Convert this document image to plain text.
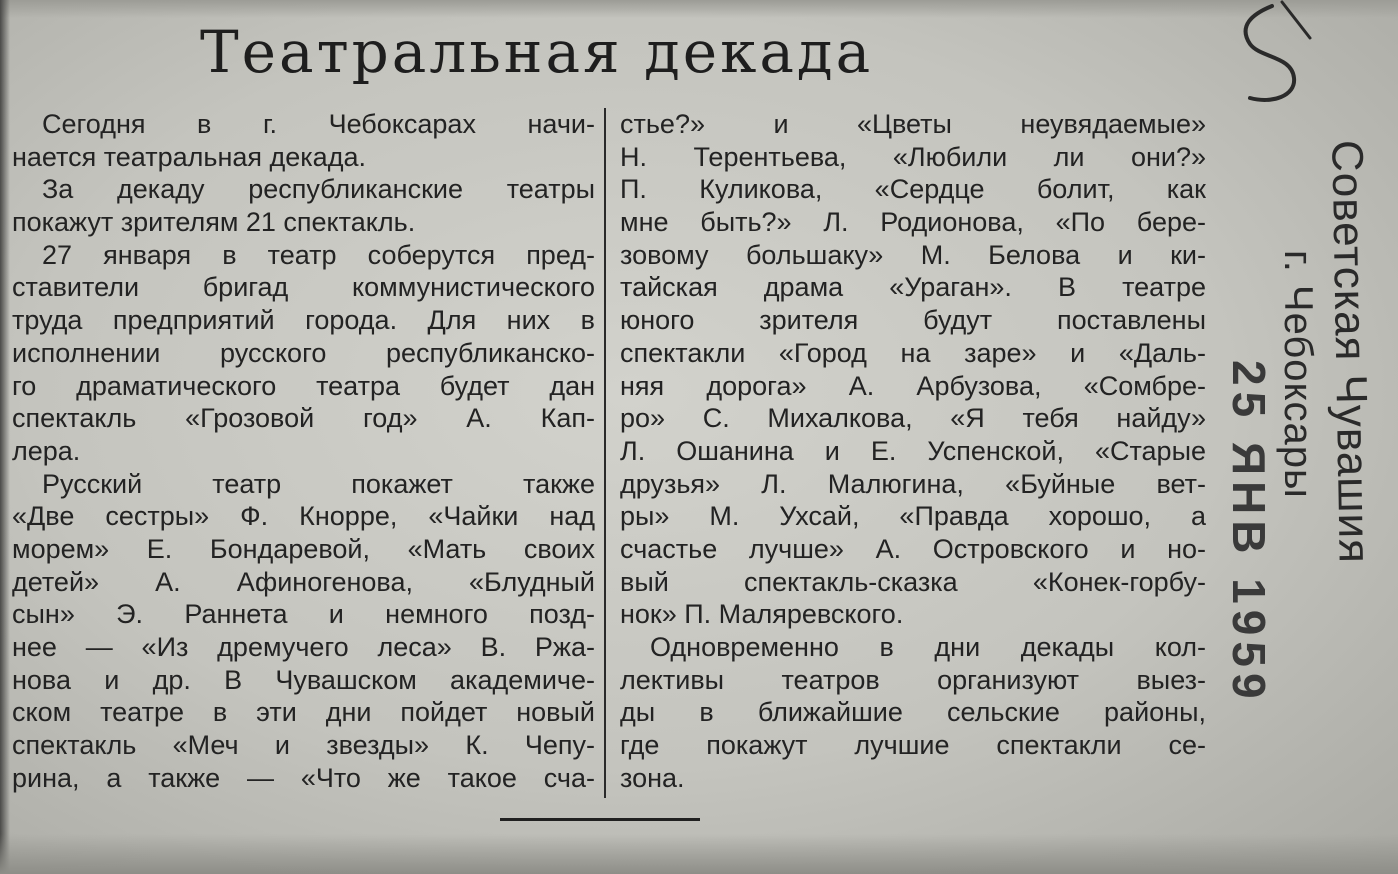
Театральная декада
Сегодня в г. Чебоксарах начи-
нается театральная декада.
За декаду республиканские театры
покажут зрителям 21 спектакль.
27 января в театр соберутся пред-
ставители бригад коммунистического
труда предприятий города. Для них в
исполнении русского республиканско-
го драматического театра будет дан
спектакль «Грозовой год» А. Кап-
лера.
Русский театр покажет также
«Две сестры» Ф. Кнорре, «Чайки над
морем» Е. Бондаревой, «Мать своих
детей» А. Афиногенова, «Блудный
сын» Э. Раннета и немного позд-
нее — «Из дремучего леса» В. Ржа-
нова и др. В Чувашском академиче-
ском театре в эти дни пойдет новый
спектакль «Меч и звезды» К. Чепу-
рина, а также — «Что же такое сча-
стье?» и «Цветы неувядаемые»
Н. Терентьева, «Любили ли они?»
П. Куликова, «Сердце болит, как
мне быть?» Л. Родионова, «По бере-
зовому большаку» М. Белова и ки-
тайская драма «Ураган». В театре
юного зрителя будут поставлены
спектакли «Город на заре» и «Даль-
няя дорога» А. Арбузова, «Сомбре-
ро» С. Михалкова, «Я тебя найду»
Л. Ошанина и Е. Успенской, «Старые
друзья» Л. Малюгина, «Буйные вет-
ры» М. Ухсай, «Правда хорошо, а
счастье лучше» А. Островского и но-
вый спектакль-сказка «Конек-горбу-
нок» П. Маляревского.
Одновременно в дни декады кол-
лективы театров организуют выез-
ды в ближайшие сельские районы,
где покажут лучшие спектакли се-
зона.
Советская Чувашия
г. Чебоксары
25 ЯНВ 1959
